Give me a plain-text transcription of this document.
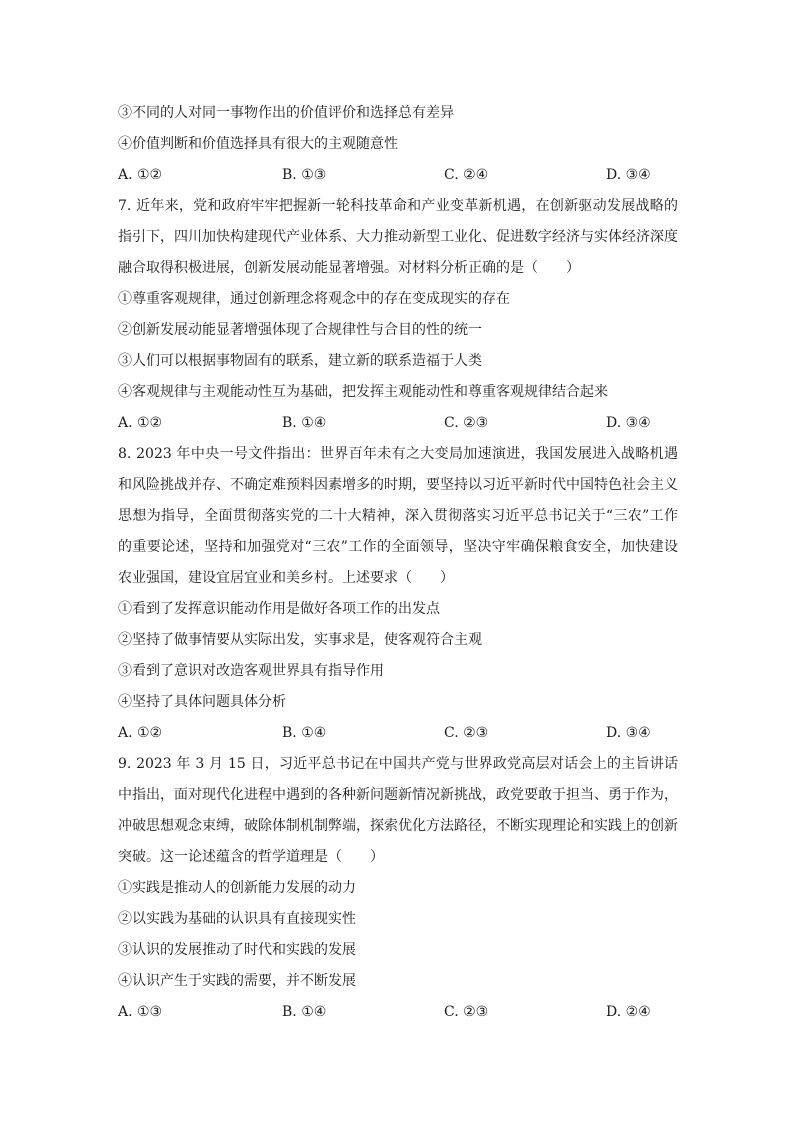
③不同的人对同一事物作出的价值评价和选择总有差异
④价值判断和价值选择具有很大的主观随意性
A. ①②	B. ①③	C. ②④	D. ③④
7. 近年来，党和政府牢牢把握新一轮科技革命和产业变革新机遇，在创新驱动发展战略的指引下，四川加快构建现代产业体系、大力推动新型工业化、促进数字经济与实体经济深度融合取得积极进展，创新发展动能显著增强。对材料分析正确的是（　　）
①尊重客观规律，通过创新理念将观念中的存在变成现实的存在
②创新发展动能显著增强体现了合规律性与合目的性的统一
③人们可以根据事物固有的联系，建立新的联系造福于人类
④客观规律与主观能动性互为基础，把发挥主观能动性和尊重客观规律结合起来
A. ①②	B. ①④	C. ②③	D. ③④
8. 2023 年中央一号文件指出：世界百年未有之大变局加速演进，我国发展进入战略机遇和风险挑战并存、不确定难预料因素增多的时期，要坚持以习近平新时代中国特色社会主义思想为指导，全面贯彻落实党的二十大精神，深入贯彻落实习近平总书记关于“三农”工作的重要论述，坚持和加强党对“三农”工作的全面领导，坚决守牢确保粮食安全，加快建设农业强国，建设宜居宜业和美乡村。上述要求（　　）
①看到了发挥意识能动作用是做好各项工作的出发点
②坚持了做事情要从实际出发，实事求是，使客观符合主观
③看到了意识对改造客观世界具有指导作用
④坚持了具体问题具体分析
A. ①②	B. ①④	C. ②③	D. ③④
9. 2023 年 3 月 15 日，习近平总书记在中国共产党与世界政党高层对话会上的主旨讲话中指出，面对现代化进程中遇到的各种新问题新情况新挑战，政党要敢于担当、勇于作为，冲破思想观念束缚，破除体制机制弊端，探索优化方法路径，不断实现理论和实践上的创新突破。这一论述蕴含的哲学道理是（　　）
①实践是推动人的创新能力发展的动力
②以实践为基础的认识具有直接现实性
③认识的发展推动了时代和实践的发展
④认识产生于实践的需要，并不断发展
A. ①③	B. ①④	C. ②③	D. ②④
